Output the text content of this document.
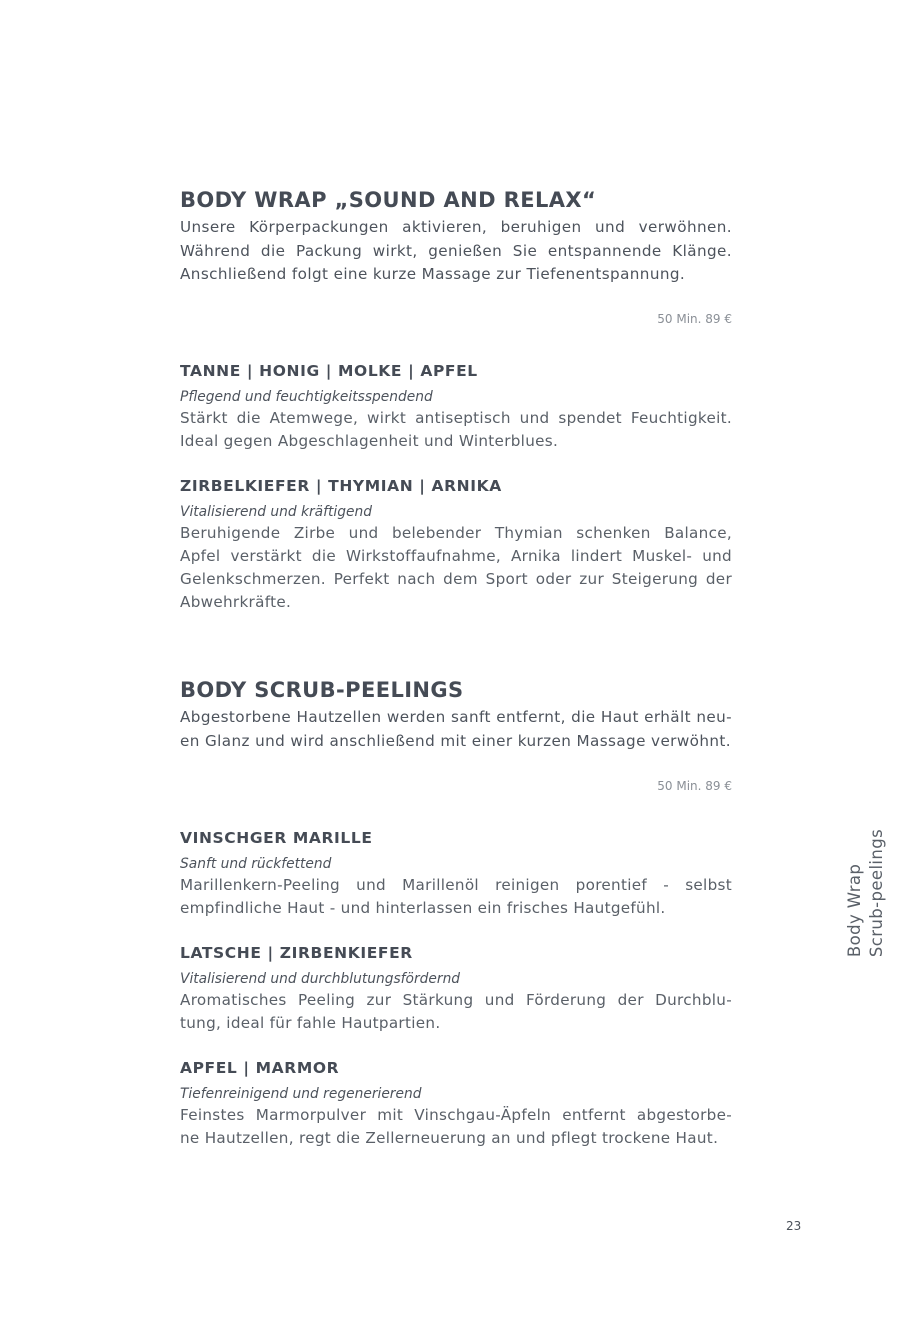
BODY WRAP „SOUND AND RELAX“

Unsere Körperpackungen aktivieren, beruhigen und verwöhnen.
Während die Packung wirkt, genießen Sie entspannende Klänge.
Anschließend folgt eine kurze Massage zur Tiefenentspannung.

50 Min. 89 €
TANNE | HONIG | MOLKE | APFEL

Pflegend und feuchtigkeitsspendend

Stärkt die Atemwege, wirkt antiseptisch und spendet Feuchtigkeit.
Ideal gegen Abgeschlagenheit und Winterblues.

ZIRBELKIEFER | THYMIAN | ARNIKA

Vitalisierend und kräftigend

Beruhigende Zirbe und belebender Thymian schenken Balance,
Apfel verstärkt die Wirkstoffaufnahme, Arnika lindert Muskel- und
Gelenkschmerzen. Perfekt nach dem Sport oder zur Steigerung der
Abwehrkräfte.

BODY SCRUB-PEELINGS

Abgestorbene Hautzellen werden sanft entfernt, die Haut erhält neu-
en Glanz und wird anschließend mit einer kurzen Massage verwöhnt.

50 Min. 89 €
VINSCHGER MARILLE

Sanft und rückfettend

Marillenkern-Peeling und Marillenöl reinigen porentief - selbst
empfindliche Haut - und hinterlassen ein frisches Hautgefühl.

LATSCHE | ZIRBENKIEFER

Vitalisierend und durchblutungsfördernd

Aromatisches Peeling zur Stärkung und Förderung der Durchblu-
tung, ideal für fahle Hautpartien.

APFEL | MARMOR

Tiefenreinigend und regenerierend

Feinstes Marmorpulver mit Vinschgau-Äpfeln entfernt abgestorbe-
ne Hautzellen, regt die Zellerneuerung an und pflegt trockene Haut.

Body Wrap Scrub-peelings
23
